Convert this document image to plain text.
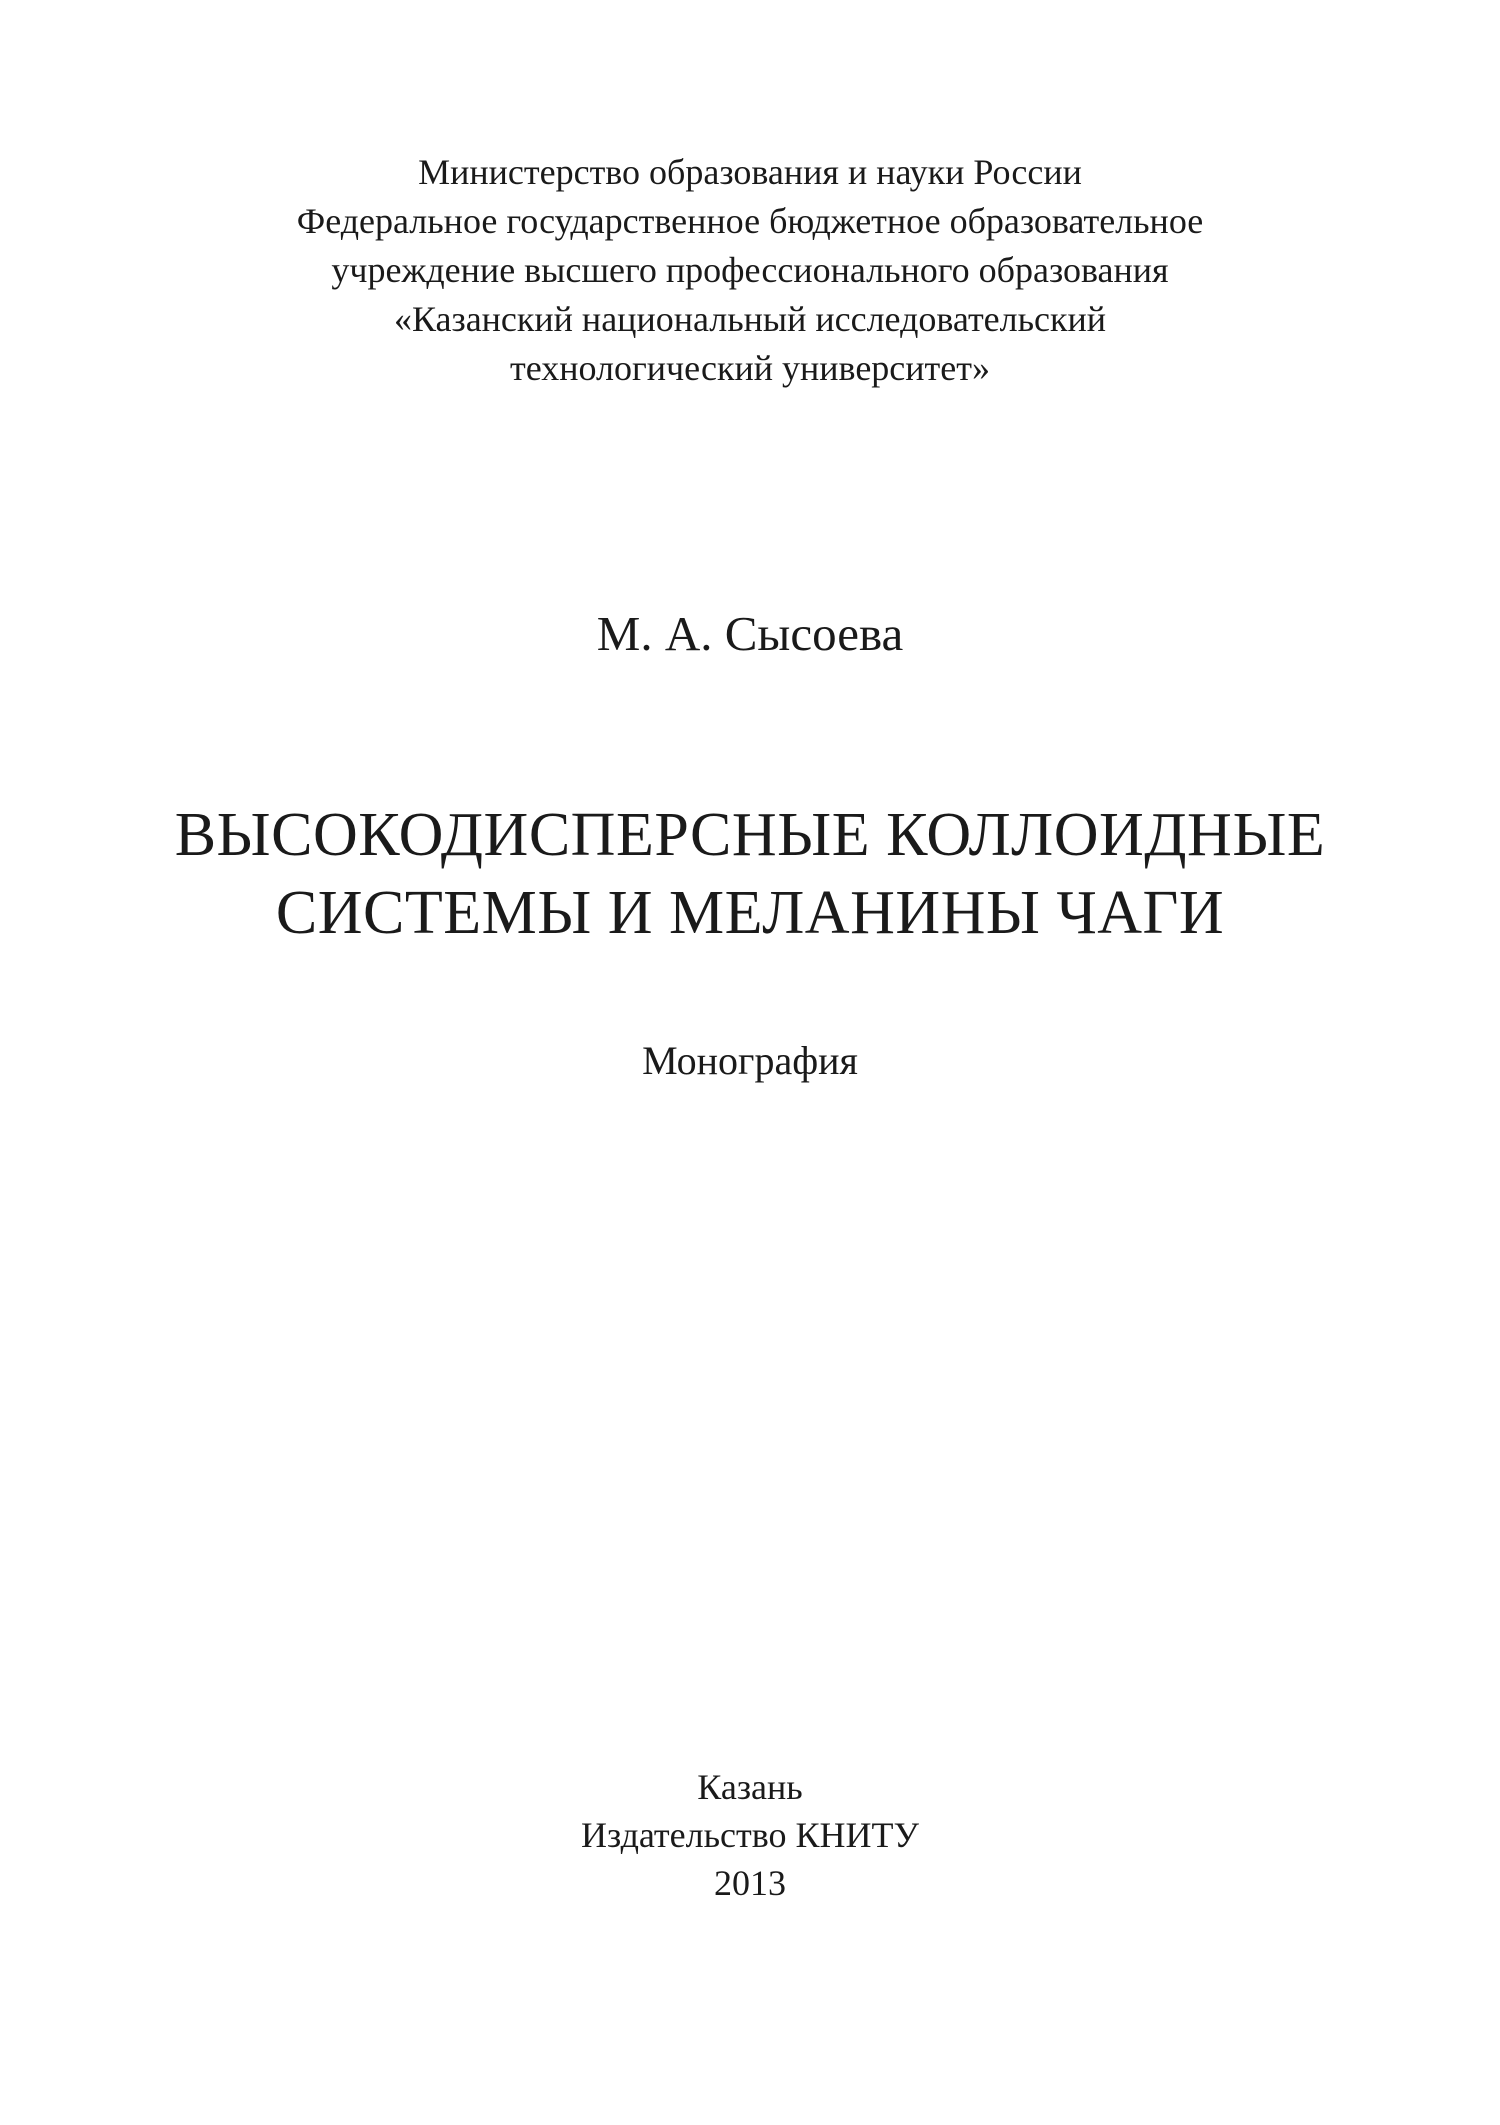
Министерство образования и науки России
Федеральное государственное бюджетное образовательное
учреждение высшего профессионального образования
«Казанский национальный исследовательский
технологический университет»
М. А. Сысоева
ВЫСОКОДИСПЕРСНЫЕ КОЛЛОИДНЫЕ
СИСТЕМЫ И МЕЛАНИНЫ ЧАГИ
Монография
Казань
Издательство КНИТУ
2013
